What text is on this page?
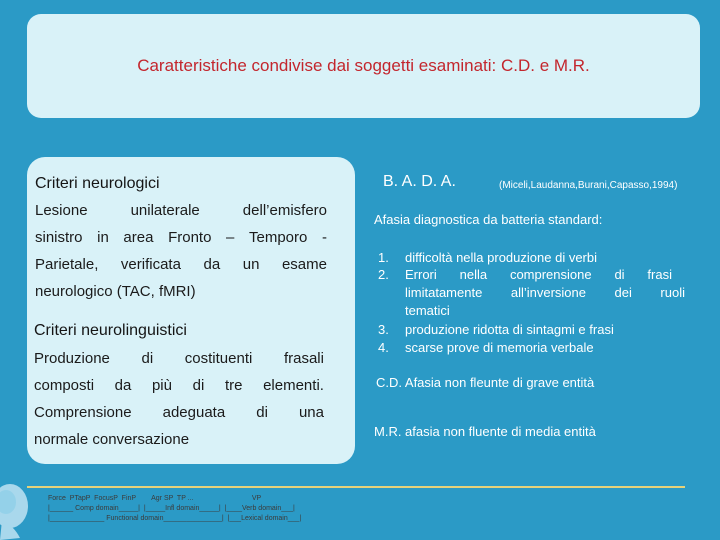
Caratteristiche condivise dai soggetti esaminati: C.D. e M.R.
Criteri neurologici
Lesione	unilaterale	dell’emisfero
sinistro in area Fronto – Temporo -
Parietale, verificata da un esame
neurologico (TAC, fMRI)
Criteri neurolinguistici
Produzione di costituenti frasali
composti da più di tre elementi.
Comprensione adeguata di una
normale conversazione
B. A. D. A.	(Miceli,Laudanna,Burani,Capasso,1994)
Afasia diagnostica da batteria standard:
1. difficoltà nella produzione di verbi
2. Errori nella comprensione di frasi
limitatamente all’inversione dei ruoli
tematici
3. produzione ridotta di sintagmi e frasi
4. scarse prove di memoria verbale
C.D. Afasia non fleunte di grave entità
M.R. afasia non fluente di media entità
Force  PTapP  FocusP  FinP        Agr SP  TP ...                              VP
|______ Comp domain_____|  |_____Infl domain_____|  |____Verb domain___|
|______________ Functional domain_______________|  |___Lexical domain___|
